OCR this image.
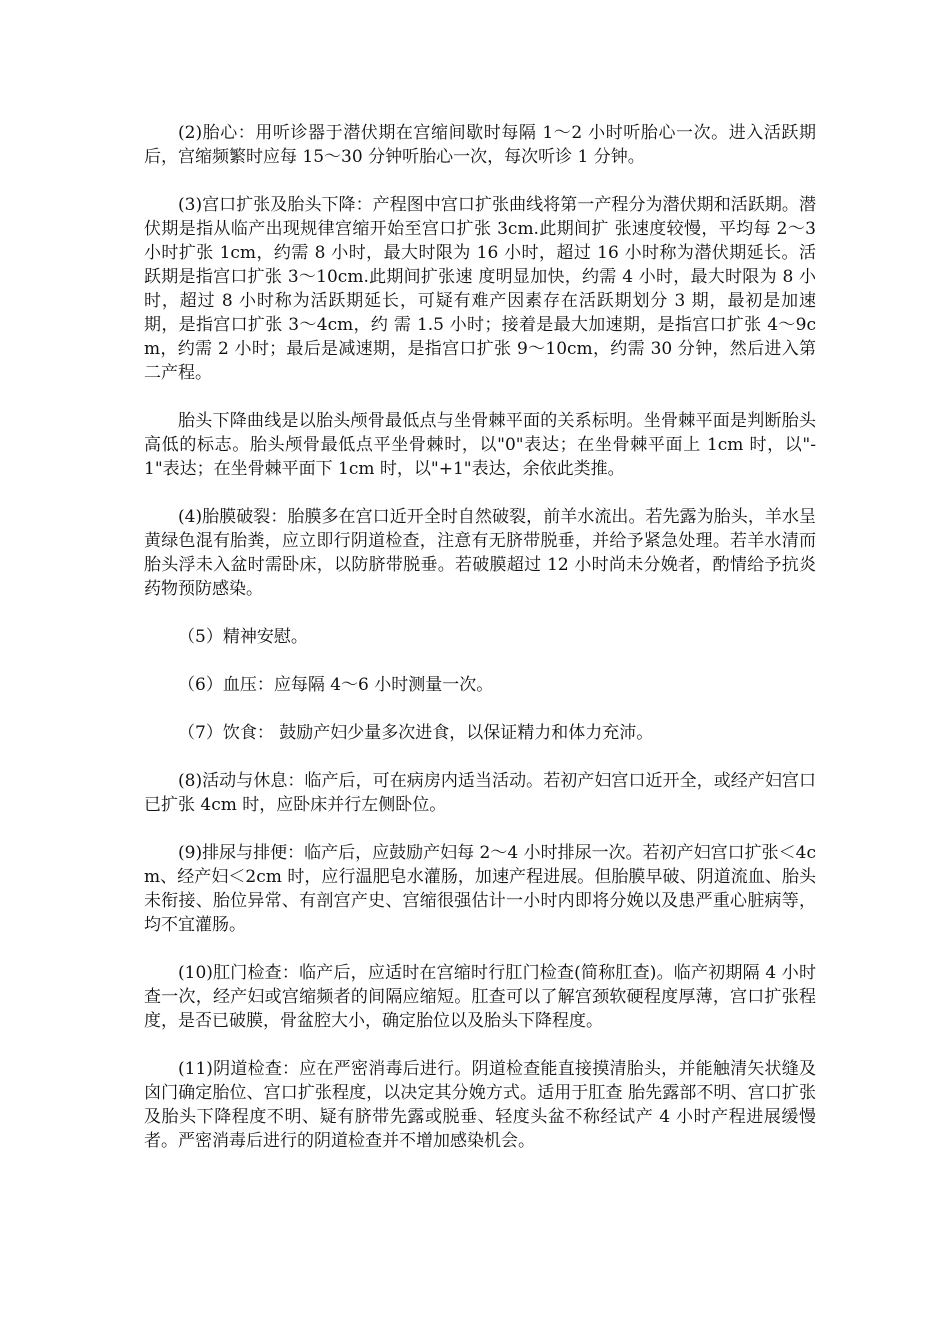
(2)胎心：用听诊器于潜伏期在宫缩间歇时每隔 1～2 小时听胎心一次。进入活跃期后，宫缩频繁时应每 15～30 分钟听胎心一次，每次听诊 1 分钟。

(3)宫口扩张及胎头下降：产程图中宫口扩张曲线将第一产程分为潜伏期和活跃期。潜伏期是指从临产出现规律宫缩开始至宫口扩张 3cm.此期间扩 张速度较慢，平均每 2～3 小时扩张 1cm，约需 8 小时，最大时限为 16 小时，超过 16 小时称为潜伏期延长。活跃期是指宫口扩张 3～10cm.此期间扩张速 度明显加快，约需 4 小时，最大时限为 8 小时，超过 8 小时称为活跃期延长，可疑有难产因素存在活跃期划分 3 期，最初是加速期，是指宫口扩张 3～4cm，约 需 1.5 小时；接着是最大加速期，是指宫口扩张 4～9cm，约需 2 小时；最后是减速期，是指宫口扩张 9～10cm，约需 30 分钟，然后进入第二产程。

胎头下降曲线是以胎头颅骨最低点与坐骨棘平面的关系标明。坐骨棘平面是判断胎头高低的标志。胎头颅骨最低点平坐骨棘时，以"0"表达；在坐骨棘平面上 1cm 时，以"-1"表达；在坐骨棘平面下 1cm 时，以"+1"表达，余依此类推。

(4)胎膜破裂：胎膜多在宫口近开全时自然破裂，前羊水流出。若先露为胎头，羊水呈黄绿色混有胎粪，应立即行阴道检查，注意有无脐带脱垂，并给予紧急处理。若羊水清而胎头浮未入盆时需卧床，以防脐带脱垂。若破膜超过 12 小时尚未分娩者，酌情给予抗炎药物预防感染。

（5）精神安慰。

（6）血压：应每隔 4～6 小时测量一次。

（7）饮食： 鼓励产妇少量多次进食，以保证精力和体力充沛。

(8)活动与休息：临产后，可在病房内适当活动。若初产妇宫口近开全，或经产妇宫口已扩张 4cm 时，应卧床并行左侧卧位。

(9)排尿与排便：临产后，应鼓励产妇每 2～4 小时排尿一次。若初产妇宫口扩张＜4cm、经产妇＜2cm 时，应行温肥皂水灌肠，加速产程进展。但胎膜早破、阴道流血、胎头未衔接、胎位异常、有剖宫产史、宫缩很强估计一小时内即将分娩以及患严重心脏病等，均不宜灌肠。

(10)肛门检查：临产后，应适时在宫缩时行肛门检查(简称肛查)。临产初期隔 4 小时查一次，经产妇或宫缩频者的间隔应缩短。肛查可以了解宫颈软硬程度厚薄，宫口扩张程度，是否已破膜，骨盆腔大小，确定胎位以及胎头下降程度。

(11)阴道检查：应在严密消毒后进行。阴道检查能直接摸清胎头，并能触清矢状缝及囟门确定胎位、宫口扩张程度，以决定其分娩方式。适用于肛查 胎先露部不明、宫口扩张及胎头下降程度不明、疑有脐带先露或脱垂、轻度头盆不称经试产 4 小时产程进展缓慢者。严密消毒后进行的阴道检查并不增加感染机会。
